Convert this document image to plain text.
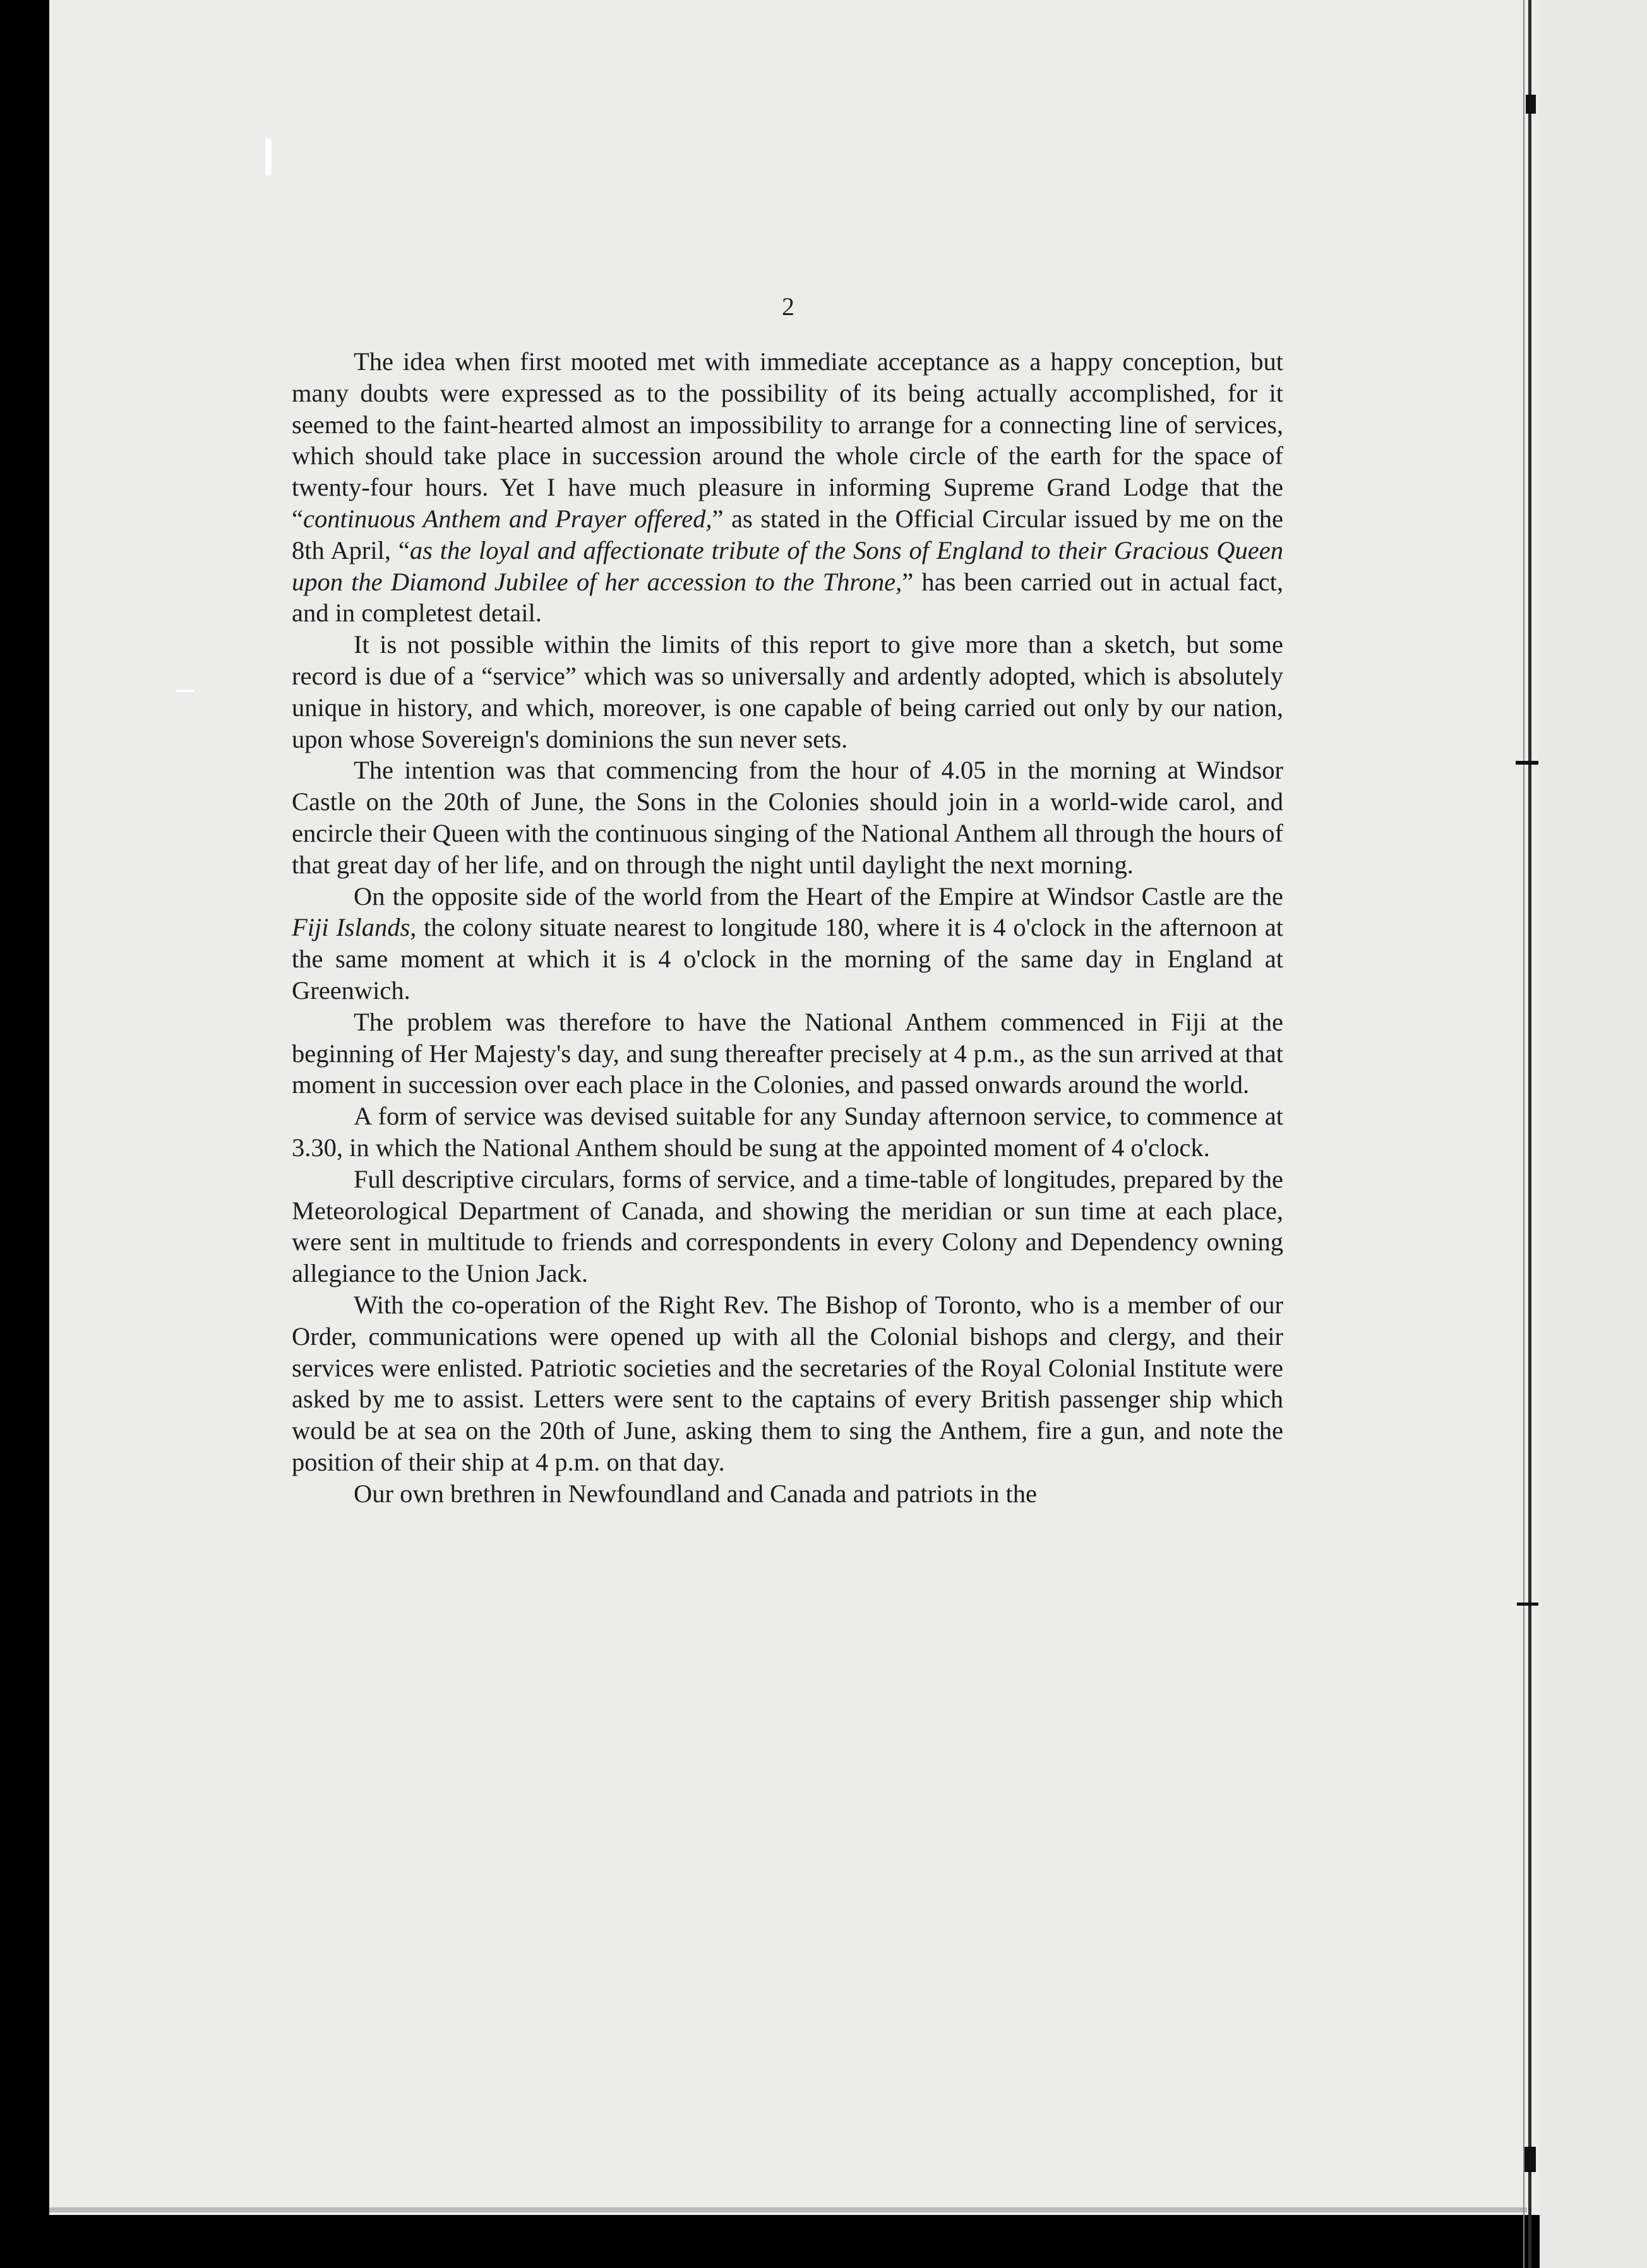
2

The idea when first mooted met with immediate acceptance as a happy conception, but many doubts were expressed as to the possibility of its being actually accomplished, for it seemed to the faint-hearted almost an impossibility to arrange for a connecting line of services, which should take place in succession around the whole circle of the earth for the space of twenty-four hours. Yet I have much pleasure in informing Supreme Grand Lodge that the “continuous Anthem and Prayer offered,” as stated in the Official Circular issued by me on the 8th April, “as the loyal and affectionate tribute of the Sons of England to their Gracious Queen upon the Diamond Jubilee of her accession to the Throne,” has been carried out in actual fact, and in completest detail.

It is not possible within the limits of this report to give more than a sketch, but some record is due of a “service” which was so universally and ardently adopted, which is absolutely unique in history, and which, moreover, is one capable of being carried out only by our nation, upon whose Sovereign's dominions the sun never sets.

The intention was that commencing from the hour of 4.05 in the morning at Windsor Castle on the 20th of June, the Sons in the Colonies should join in a world-wide carol, and encircle their Queen with the continuous singing of the National Anthem all through the hours of that great day of her life, and on through the night until daylight the next morning.

On the opposite side of the world from the Heart of the Empire at Windsor Castle are the Fiji Islands, the colony situate nearest to longitude 180, where it is 4 o'clock in the afternoon at the same moment at which it is 4 o'clock in the morning of the same day in England at Greenwich.

The problem was therefore to have the National Anthem commenced in Fiji at the beginning of Her Majesty's day, and sung thereafter precisely at 4 p.m., as the sun arrived at that moment in succession over each place in the Colonies, and passed onwards around the world.

A form of service was devised suitable for any Sunday afternoon service, to commence at 3.30, in which the National Anthem should be sung at the appointed moment of 4 o'clock.

Full descriptive circulars, forms of service, and a time-table of longitudes, prepared by the Meteorological Department of Canada, and showing the meridian or sun time at each place, were sent in multitude to friends and correspondents in every Colony and Dependency owning allegiance to the Union Jack.

With the co-operation of the Right Rev. The Bishop of Toronto, who is a member of our Order, communications were opened up with all the Colonial bishops and clergy, and their services were enlisted. Patriotic societies and the secretaries of the Royal Colonial Institute were asked by me to assist. Letters were sent to the captains of every British passenger ship which would be at sea on the 20th of June, asking them to sing the Anthem, fire a gun, and note the position of their ship at 4 p.m. on that day.

Our own brethren in Newfoundland and Canada and patriots in the
